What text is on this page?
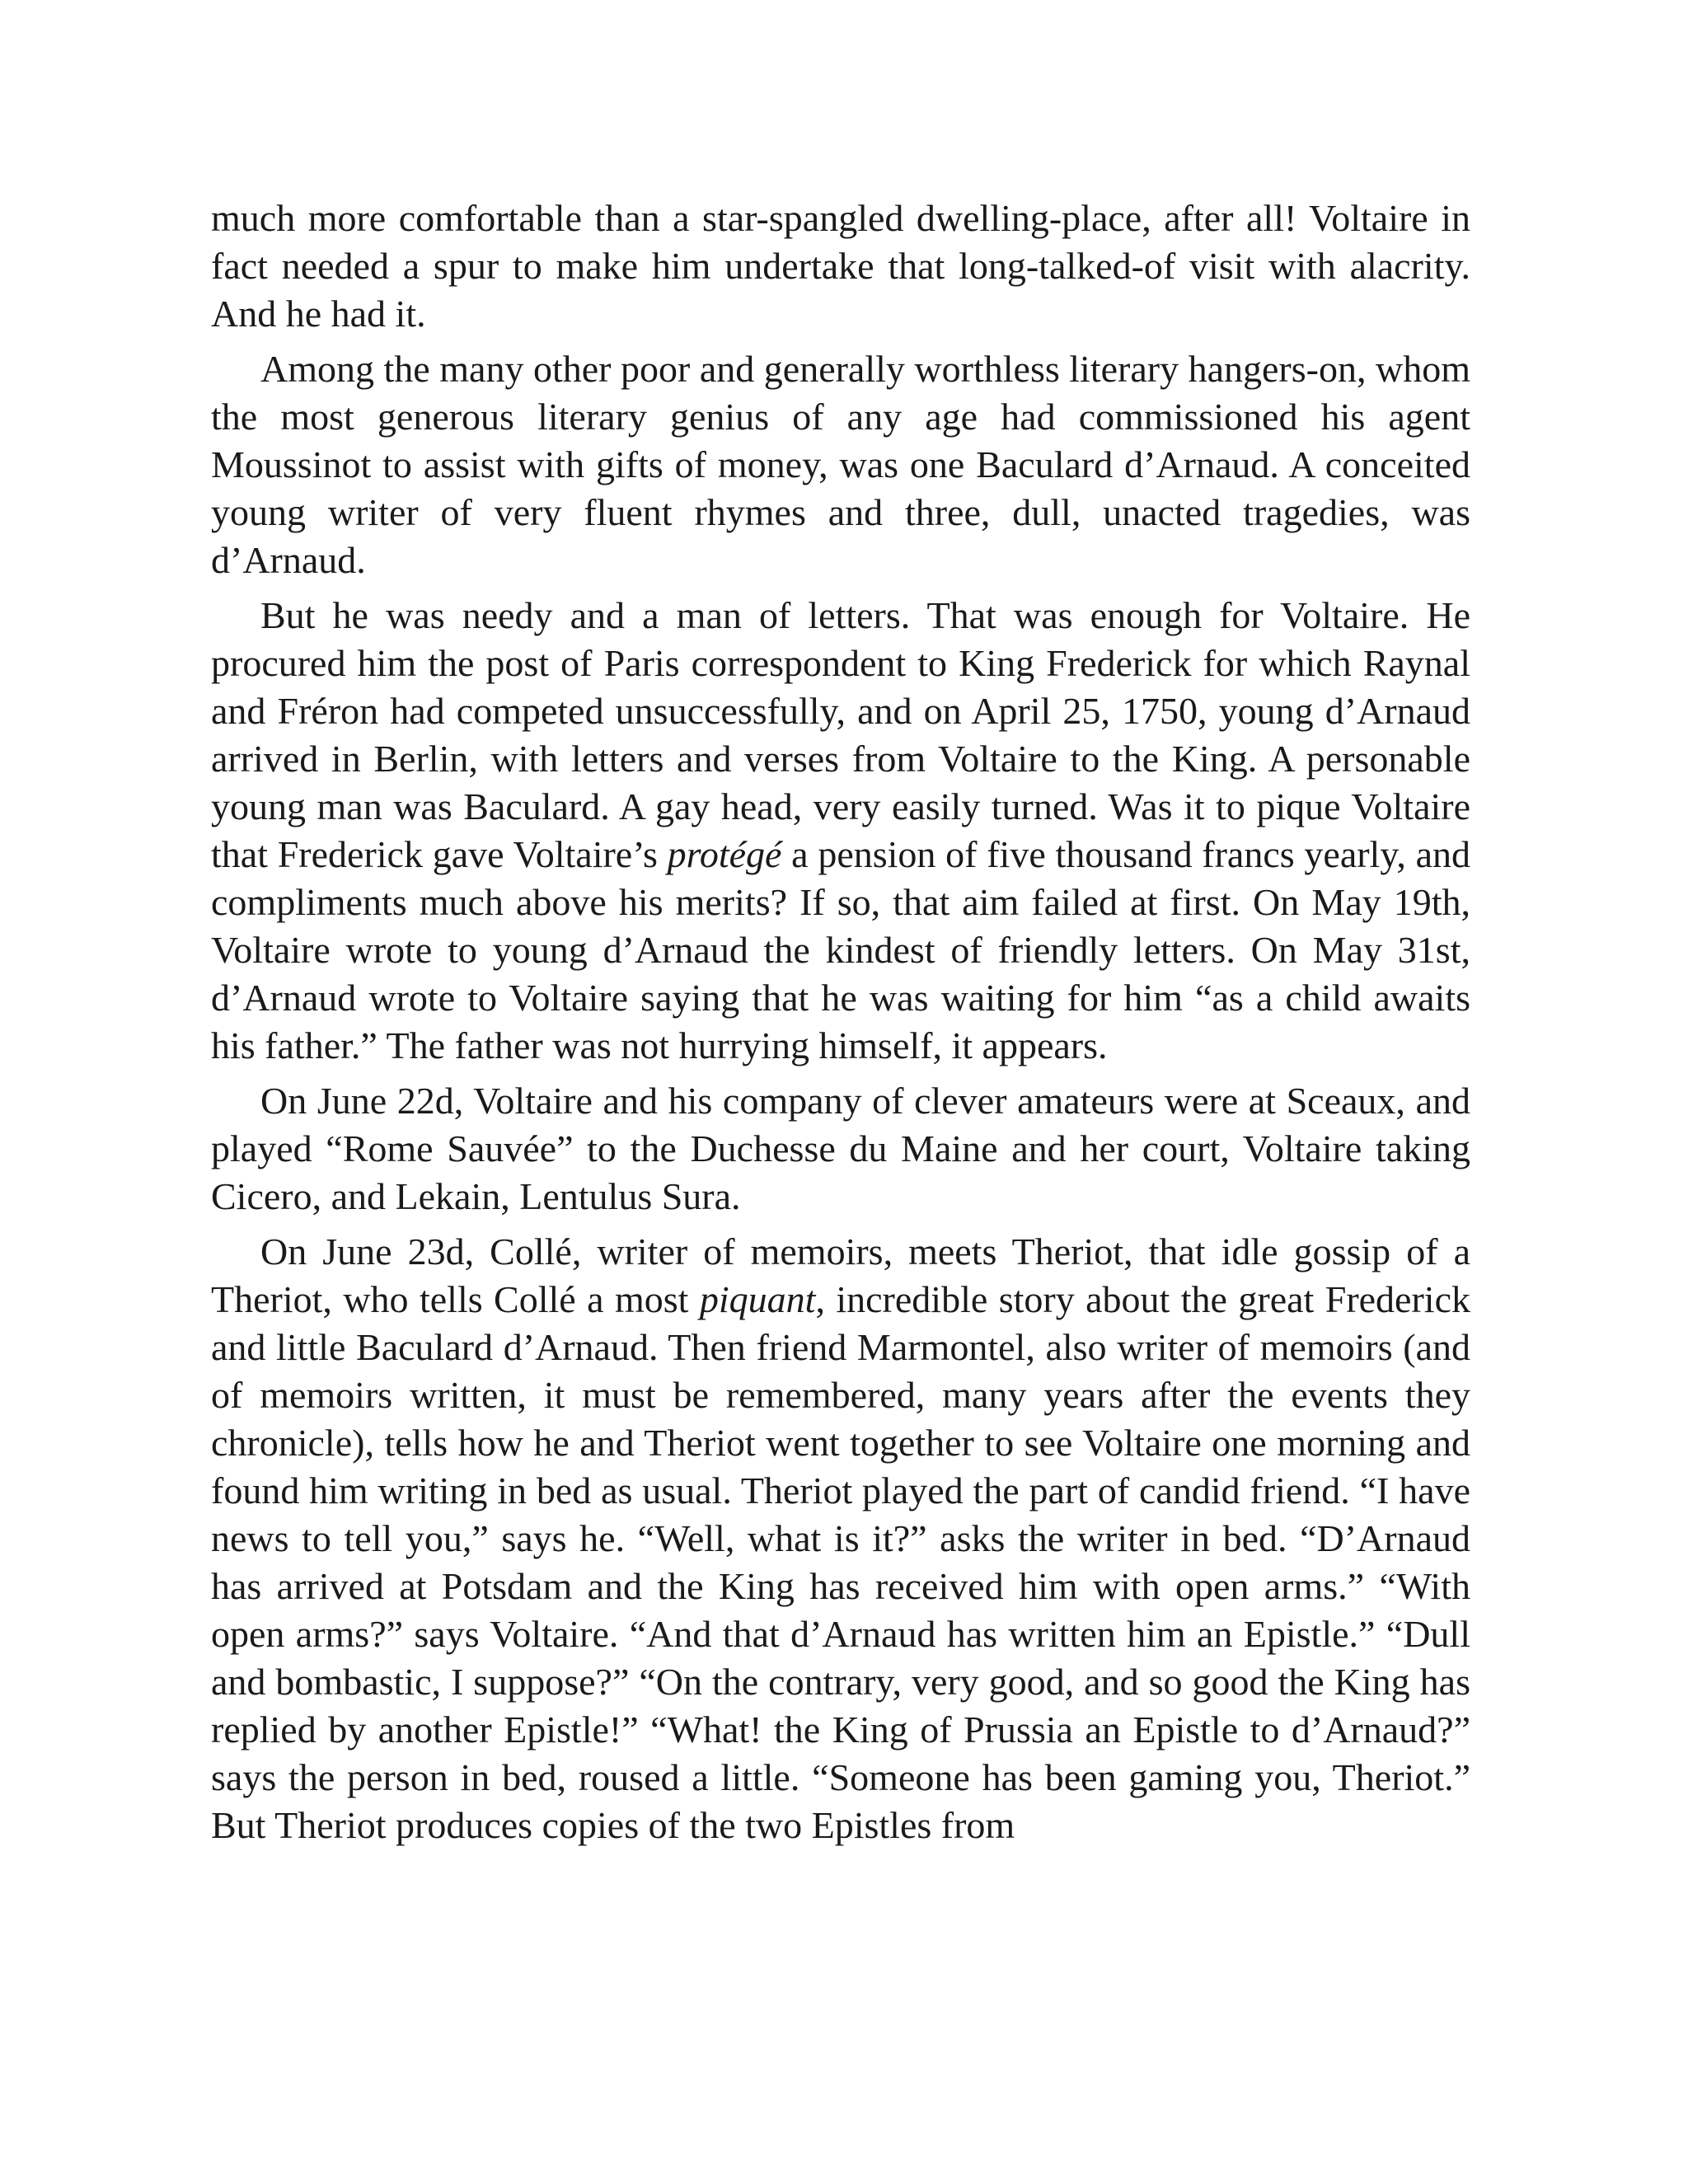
much more comfortable than a star-spangled dwelling-place, after all! Voltaire in fact needed a spur to make him undertake that long-talked-of visit with alacrity. And he had it.

Among the many other poor and generally worthless literary hangers-on, whom the most generous literary genius of any age had commissioned his agent Moussinot to assist with gifts of money, was one Baculard d’Arnaud. A conceited young writer of very fluent rhymes and three, dull, unacted tragedies, was d’Arnaud.

But he was needy and a man of letters. That was enough for Voltaire. He procured him the post of Paris correspondent to King Frederick for which Raynal and Fréron had competed unsuccessfully, and on April 25, 1750, young d’Arnaud arrived in Berlin, with letters and verses from Voltaire to the King. A personable young man was Baculard. A gay head, very easily turned. Was it to pique Voltaire that Frederick gave Voltaire’s protégé a pension of five thousand francs yearly, and compliments much above his merits? If so, that aim failed at first. On May 19th, Voltaire wrote to young d’Arnaud the kindest of friendly letters. On May 31st, d’Arnaud wrote to Voltaire saying that he was waiting for him “as a child awaits his father.” The father was not hurrying himself, it appears.

On June 22d, Voltaire and his company of clever amateurs were at Sceaux, and played “Rome Sauvée” to the Duchesse du Maine and her court, Voltaire taking Cicero, and Lekain, Lentulus Sura.

On June 23d, Collé, writer of memoirs, meets Theriot, that idle gossip of a Theriot, who tells Collé a most piquant, incredible story about the great Frederick and little Baculard d’Arnaud. Then friend Marmontel, also writer of memoirs (and of memoirs written, it must be remembered, many years after the events they chronicle), tells how he and Theriot went together to see Voltaire one morning and found him writing in bed as usual. Theriot played the part of candid friend. “I have news to tell you,” says he. “Well, what is it?” asks the writer in bed. “D’Arnaud has arrived at Potsdam and the King has received him with open arms.” “With open arms?” says Voltaire. “And that d’Arnaud has written him an Epistle.” “Dull and bombastic, I suppose?” “On the contrary, very good, and so good the King has replied by another Epistle!” “What! the King of Prussia an Epistle to d’Arnaud?” says the person in bed, roused a little. “Someone has been gaming you, Theriot.” But Theriot produces copies of the two Epistles from
